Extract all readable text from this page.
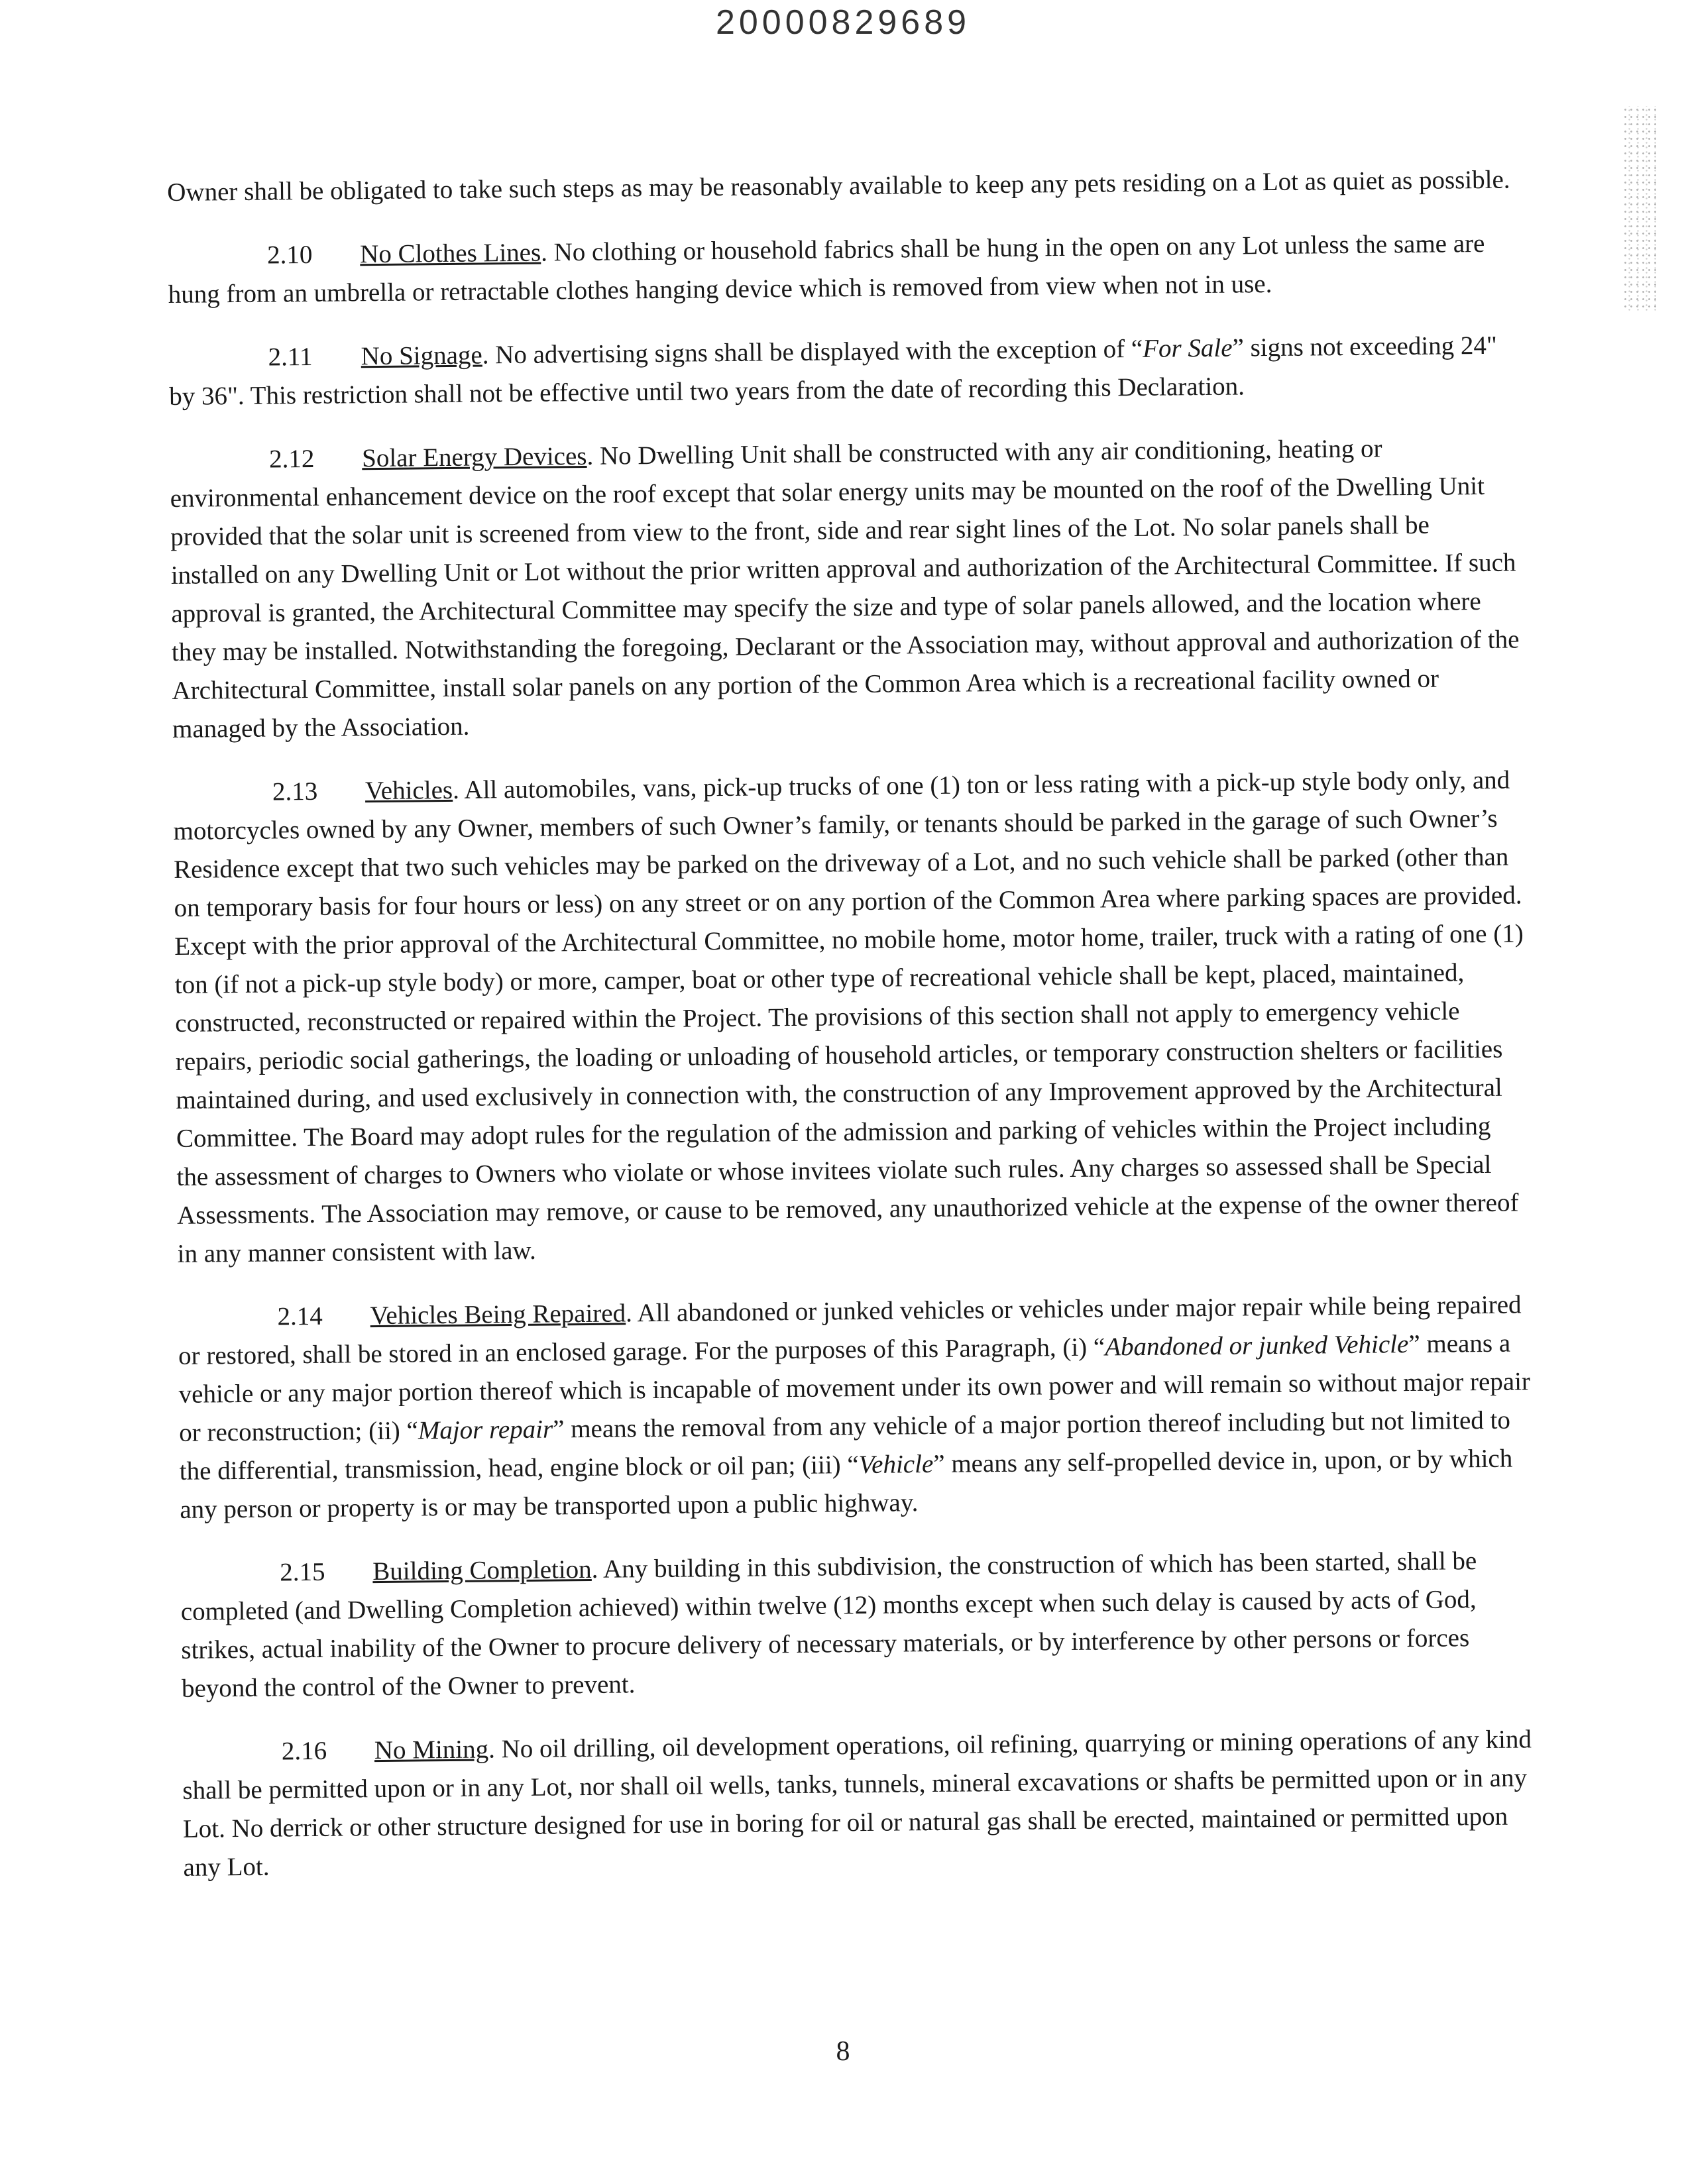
20000829689

Owner shall be obligated to take such steps as may be reasonably available to keep any pets residing on a Lot as quiet as possible.

2.10 No Clothes Lines. No clothing or household fabrics shall be hung in the open on any Lot unless the same are hung from an umbrella or retractable clothes hanging device which is removed from view when not in use.

2.11 No Signage. No advertising signs shall be displayed with the exception of “For Sale” signs not exceeding 24" by 36". This restriction shall not be effective until two years from the date of recording this Declaration.

2.12 Solar Energy Devices. No Dwelling Unit shall be constructed with any air conditioning, heating or environmental enhancement device on the roof except that solar energy units may be mounted on the roof of the Dwelling Unit provided that the solar unit is screened from view to the front, side and rear sight lines of the Lot. No solar panels shall be installed on any Dwelling Unit or Lot without the prior written approval and authorization of the Architectural Committee. If such approval is granted, the Architectural Committee may specify the size and type of solar panels allowed, and the location where they may be installed. Notwithstanding the foregoing, Declarant or the Association may, without approval and authorization of the Architectural Committee, install solar panels on any portion of the Common Area which is a recreational facility owned or managed by the Association.

2.13 Vehicles. All automobiles, vans, pick-up trucks of one (1) ton or less rating with a pick-up style body only, and motorcycles owned by any Owner, members of such Owner’s family, or tenants should be parked in the garage of such Owner’s Residence except that two such vehicles may be parked on the driveway of a Lot, and no such vehicle shall be parked (other than on temporary basis for four hours or less) on any street or on any portion of the Common Area where parking spaces are provided. Except with the prior approval of the Architectural Committee, no mobile home, motor home, trailer, truck with a rating of one (1) ton (if not a pick-up style body) or more, camper, boat or other type of recreational vehicle shall be kept, placed, maintained, constructed, reconstructed or repaired within the Project. The provisions of this section shall not apply to emergency vehicle repairs, periodic social gatherings, the loading or unloading of household articles, or temporary construction shelters or facilities maintained during, and used exclusively in connection with, the construction of any Improvement approved by the Architectural Committee. The Board may adopt rules for the regulation of the admission and parking of vehicles within the Project including the assessment of charges to Owners who violate or whose invitees violate such rules. Any charges so assessed shall be Special Assessments. The Association may remove, or cause to be removed, any unauthorized vehicle at the expense of the owner thereof in any manner consistent with law.

2.14 Vehicles Being Repaired. All abandoned or junked vehicles or vehicles under major repair while being repaired or restored, shall be stored in an enclosed garage. For the purposes of this Paragraph, (i) “Abandoned or junked Vehicle” means a vehicle or any major portion thereof which is incapable of movement under its own power and will remain so without major repair or reconstruction; (ii) “Major repair” means the removal from any vehicle of a major portion thereof including but not limited to the differential, transmission, head, engine block or oil pan; (iii) “Vehicle” means any self-propelled device in, upon, or by which any person or property is or may be transported upon a public highway.

2.15 Building Completion. Any building in this subdivision, the construction of which has been started, shall be completed (and Dwelling Completion achieved) within twelve (12) months except when such delay is caused by acts of God, strikes, actual inability of the Owner to procure delivery of necessary materials, or by interference by other persons or forces beyond the control of the Owner to prevent.

2.16 No Mining. No oil drilling, oil development operations, oil refining, quarrying or mining operations of any kind shall be permitted upon or in any Lot, nor shall oil wells, tanks, tunnels, mineral excavations or shafts be permitted upon or in any Lot. No derrick or other structure designed for use in boring for oil or natural gas shall be erected, maintained or permitted upon any Lot.

8
